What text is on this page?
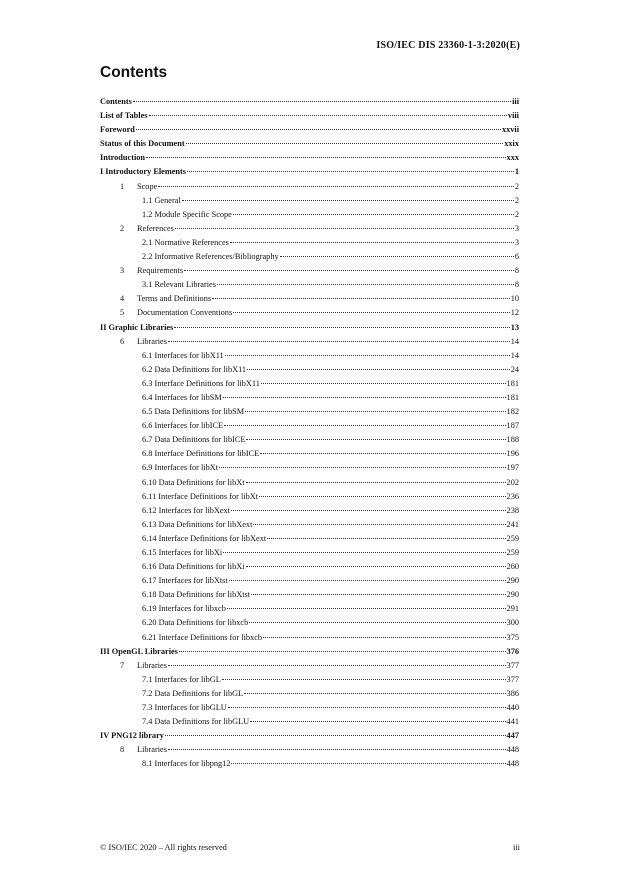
ISO/IEC DIS 23360-1-3:2020(E)
Contents
Contents	iii
List of Tables	viii
Foreword	xxvii
Status of this Document	xxix
Introduction	xxx
I Introductory Elements	1
1	Scope	2
1.1 General	2
1.2 Module Specific Scope	2
2	References	3
2.1 Normative References	3
2.2 Informative References/Bibliography	6
3	Requirements	8
3.1 Relevant Libraries	8
4	Terms and Definitions	10
5	Documentation Conventions	12
II Graphic Libraries	13
6	Libraries	14
6.1 Interfaces for libX11	14
6.2 Data Definitions for libX11	24
6.3 Interface Definitions for libX11	181
6.4 Interfaces for libSM	181
6.5 Data Definitions for libSM	182
6.6 Interfaces for libICE	187
6.7 Data Definitions for libICE	188
6.8 Interface Definitions for libICE	196
6.9 Interfaces for libXt	197
6.10 Data Definitions for libXt	202
6.11 Interface Definitions for libXt	236
6.12 Interfaces for libXext	238
6.13 Data Definitions for libXext	241
6.14 Interface Definitions for libXext	259
6.15 Interfaces for libXi	259
6.16 Data Definitions for libXi	260
6.17 Interfaces for libXtst	290
6.18 Data Definitions for libXtst	290
6.19 Interfaces for libxcb	291
6.20 Data Definitions for libxcb	300
6.21 Interface Definitions for libxcb	375
III OpenGL Libraries	376
7	Libraries	377
7.1 Interfaces for libGL	377
7.2 Data Definitions for libGL	386
7.3 Interfaces for libGLU	440
7.4 Data Definitions for libGLU	441
IV PNG12 library	447
8	Libraries	448
8.1 Interfaces for libpng12	448
© ISO/IEC 2020 – All rights reserved	iii
